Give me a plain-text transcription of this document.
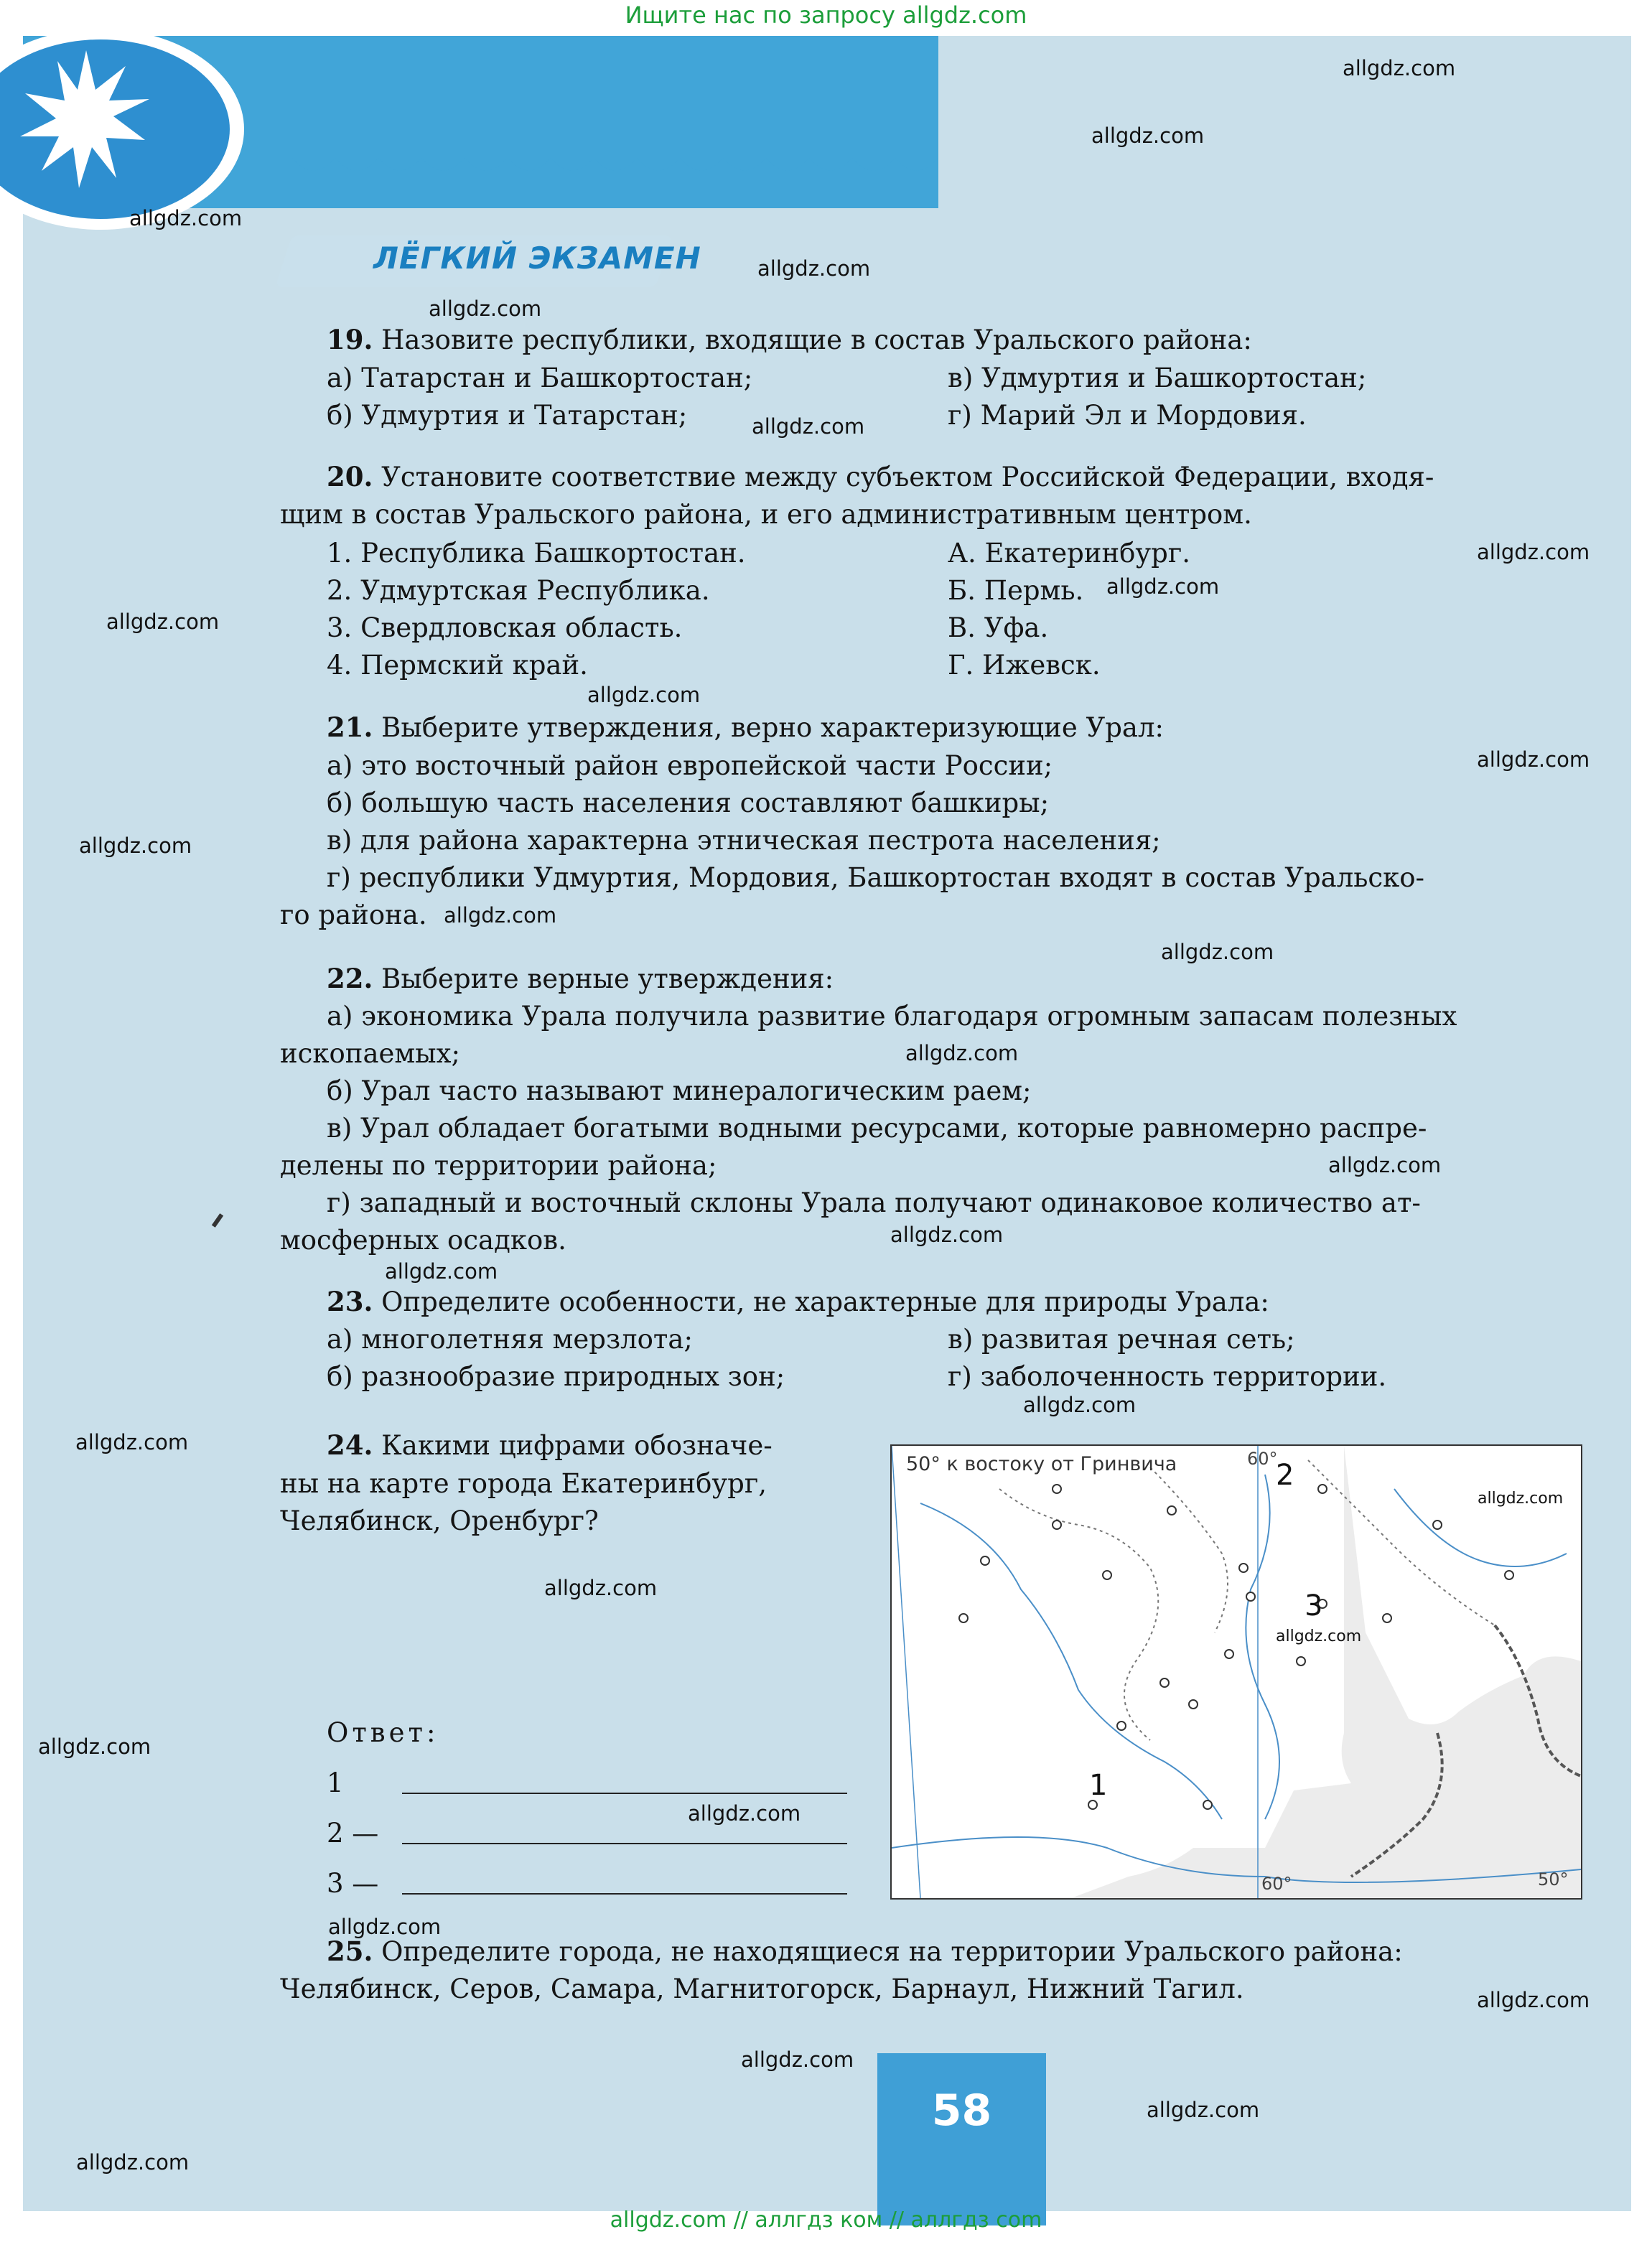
Ищите нас по запросу allgdz.com
ЛЁГКИЙ ЭКЗАМЕН
19. Назовите республики, входящие в состав Уральского района:
а) Татарстан и Башкортостан;
б) Удмуртия и Татарстан;
в) Удмуртия и Башкортостан;
г) Марий Эл и Мордовия.
20. Установите соответствие между субъектом Российской Федерации, входя-
щим в состав Уральского района, и его административным центром.
1. Республика Башкортостан.
2. Удмуртская Республика.
3. Свердловская область.
4. Пермский край.
А. Екатеринбург.
Б. Пермь.
В. Уфа.
Г. Ижевск.
21. Выберите утверждения, верно характеризующие Урал:
а) это восточный район европейской части России;
б) большую часть населения составляют башкиры;
в) для района характерна этническая пестрота населения;
г) республики Удмуртия, Мордовия, Башкортостан входят в состав Уральско-
го района.
22. Выберите верные утверждения:
а) экономика Урала получила развитие благодаря огромным запасам полезных
ископаемых;
б) Урал часто называют минералогическим раем;
в) Урал обладает богатыми водными ресурсами, которые равномерно распре-
делены по территории района;
г) западный и восточный склоны Урала получают одинаковое количество ат-
мосферных осадков.
23. Определите особенности, не характерные для природы Урала:
а) многолетняя мерзлота;
б) разнообразие природных зон;
в) развитая речная сеть;
г) заболоченность территории.
24. Какими цифрами обозначе-
ны на карте города Екатеринбург,
Челябинск, Оренбург?
Ответ:
1
2 —
3 —
50° к востоку от Гринвича	60°
60°	50°
2
3
1
25. Определите города, не находящиеся на территории Уральского района:
Челябинск, Серов, Самара, Магнитогорск, Барнаул, Нижний Тагил.
58
allgdz.com
allgdz.com
allgdz.com
allgdz.com
allgdz.com
allgdz.com
allgdz.com
allgdz.com
allgdz.com
allgdz.com
allgdz.com
allgdz.com
allgdz.com
allgdz.com
allgdz.com
allgdz.com
allgdz.com
allgdz.com
allgdz.com
allgdz.com
allgdz.com
allgdz.com
allgdz.com
allgdz.com
allgdz.com
allgdz.com
allgdz.com
allgdz.com
allgdz.com
allgdz.com
allgdz.com // аллгдз ком // аллгдз com
